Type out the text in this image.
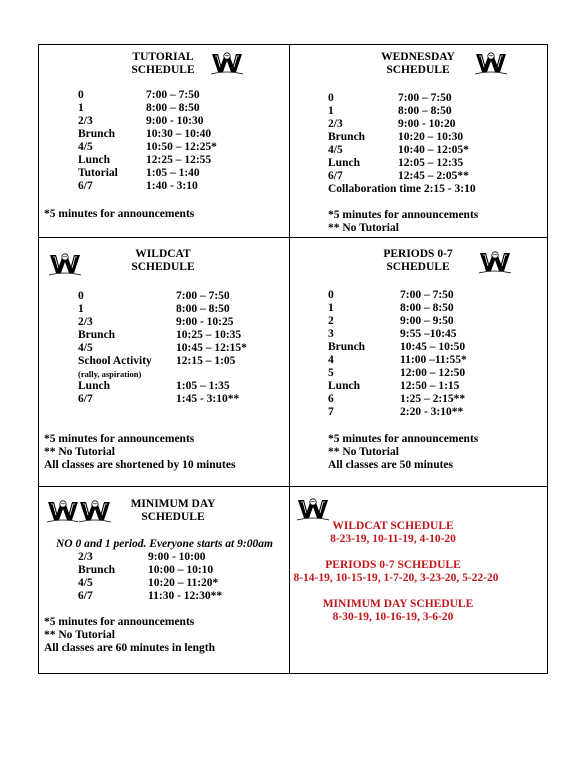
TUTORIAL
SCHEDULE
0	7:00 – 7:50
1	8:00 – 8:50
2/3	9:00 - 10:30
Brunch	10:30 – 10:40
4/5	10:50 – 12:25*
Lunch	12:25 – 12:55
Tutorial 1:05 – 1:40
6/7	1:40 - 3:10
*5 minutes for announcements
WEDNESDAY
SCHEDULE
0	7:00 – 7:50
1	8:00 – 8:50
2/3	9:00 - 10:20
Brunch	10:20 – 10:30
4/5	10:40 – 12:05*
Lunch	12:05 – 12:35
6/7	12:45 – 2:05**
Collaboration time 2:15 - 3:10
*5 minutes for announcements
** No Tutorial
WILDCAT
SCHEDULE
0	7:00 – 7:50
1	8:00 – 8:50
2/3	9:00 - 10:25
Brunch	10:25 – 10:35
4/5	10:45 – 12:15*
School Activity 12:15 – 1:05
(rally, aspiration)
Lunch	1:05 – 1:35
6/7	1:45 - 3:10**
*5 minutes for announcements
** No Tutorial
All classes are shortened by 10 minutes
PERIODS 0-7
SCHEDULE
0	7:00 – 7:50
1	8:00 – 8:50
2	9:00 – 9:50
3	9:55 –10:45
Brunch	10:45 – 10:50
4	11:00 –11:55*
5	12:00 – 12:50
Lunch	12:50 – 1:15
6	1:25 – 2:15**
7	2:20 - 3:10**
*5 minutes for announcements
** No Tutorial
All classes are 50 minutes
MINIMUM DAY
SCHEDULE
NO 0 and 1 period. Everyone starts at 9:00am
2/3	9:00 - 10:00
Brunch	10:00 – 10:10
4/5	10:20 – 11:20*
6/7	11:30 - 12:30**
*5 minutes for announcements
** No Tutorial
All classes are 60 minutes in length
WILDCAT SCHEDULE
8-23-19, 10-11-19, 4-10-20
PERIODS 0-7 SCHEDULE
8-14-19, 10-15-19, 1-7-20, 3-23-20, 5-22-20
MINIMUM DAY SCHEDULE
8-30-19, 10-16-19, 3-6-20
